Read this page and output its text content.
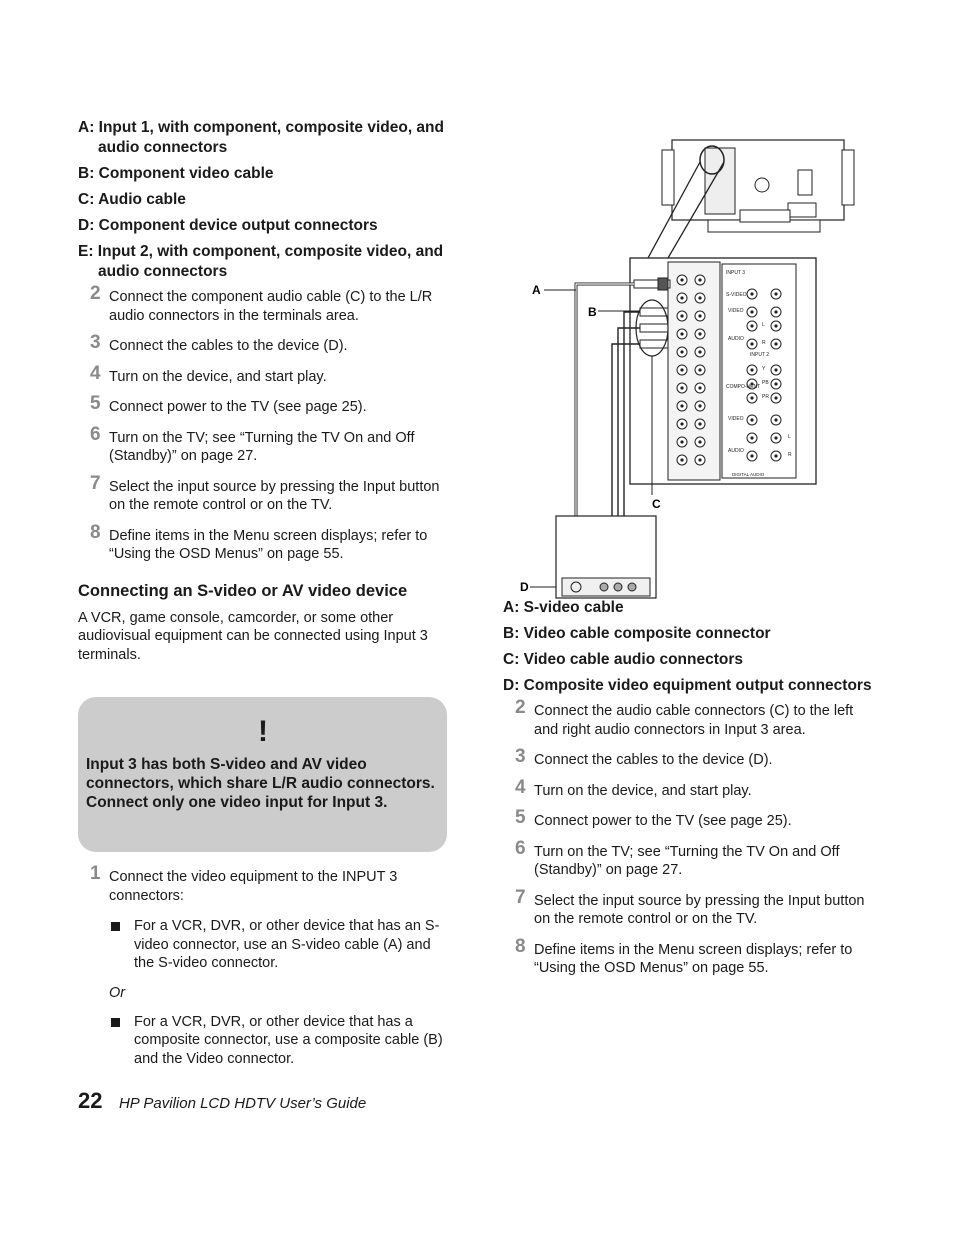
A: Input 1, with component, composite video, and audio connectors
B: Component video cable
C: Audio cable
D: Component device output connectors
E: Input 2, with component, composite video, and audio connectors
2 Connect the component audio cable (C) to the L/R audio connectors in the terminals area.
3 Connect the cables to the device (D).
4 Turn on the device, and start play.
5 Connect power to the TV (see page 25).
6 Turn on the TV; see “Turning the TV On and Off (Standby)” on page 27.
7 Select the input source by pressing the Input button on the remote control or on the TV.
8 Define items in the Menu screen displays; refer to “Using the OSD Menus” on page 55.
Connecting an S-video or AV video device
A VCR, game console, camcorder, or some other audiovisual equipment can be connected using Input 3 terminals.
!
Input 3 has both S-video and AV video connectors, which share L/R audio connectors. Connect only one video input for Input 3.
1 Connect the video equipment to the INPUT 3 connectors:
For a VCR, DVR, or other device that has an S-video connector, use an S-video cable (A) and the S-video connector.
Or
For a VCR, DVR, or other device that has a composite connector, use a composite cable (B) and the Video connector.
22 HP Pavilion LCD HDTV User’s Guide
INPUT 3
S-VIDEO
VIDEO
AUDIO
L
R
INPUT 2
COMPO-NENT
Y
PB
PR
VIDEO
AUDIO
L
R
DIGITAL AUDIO
A
B
C
D
A: S-video cable
B: Video cable composite connector
C: Video cable audio connectors
D: Composite video equipment output connectors
2 Connect the audio cable connectors (C) to the left and right audio connectors in Input 3 area.
3 Connect the cables to the device (D).
4 Turn on the device, and start play.
5 Connect power to the TV (see page 25).
6 Turn on the TV; see “Turning the TV On and Off (Standby)” on page 27.
7 Select the input source by pressing the Input button on the remote control or on the TV.
8 Define items in the Menu screen displays; refer to “Using the OSD Menus” on page 55.
